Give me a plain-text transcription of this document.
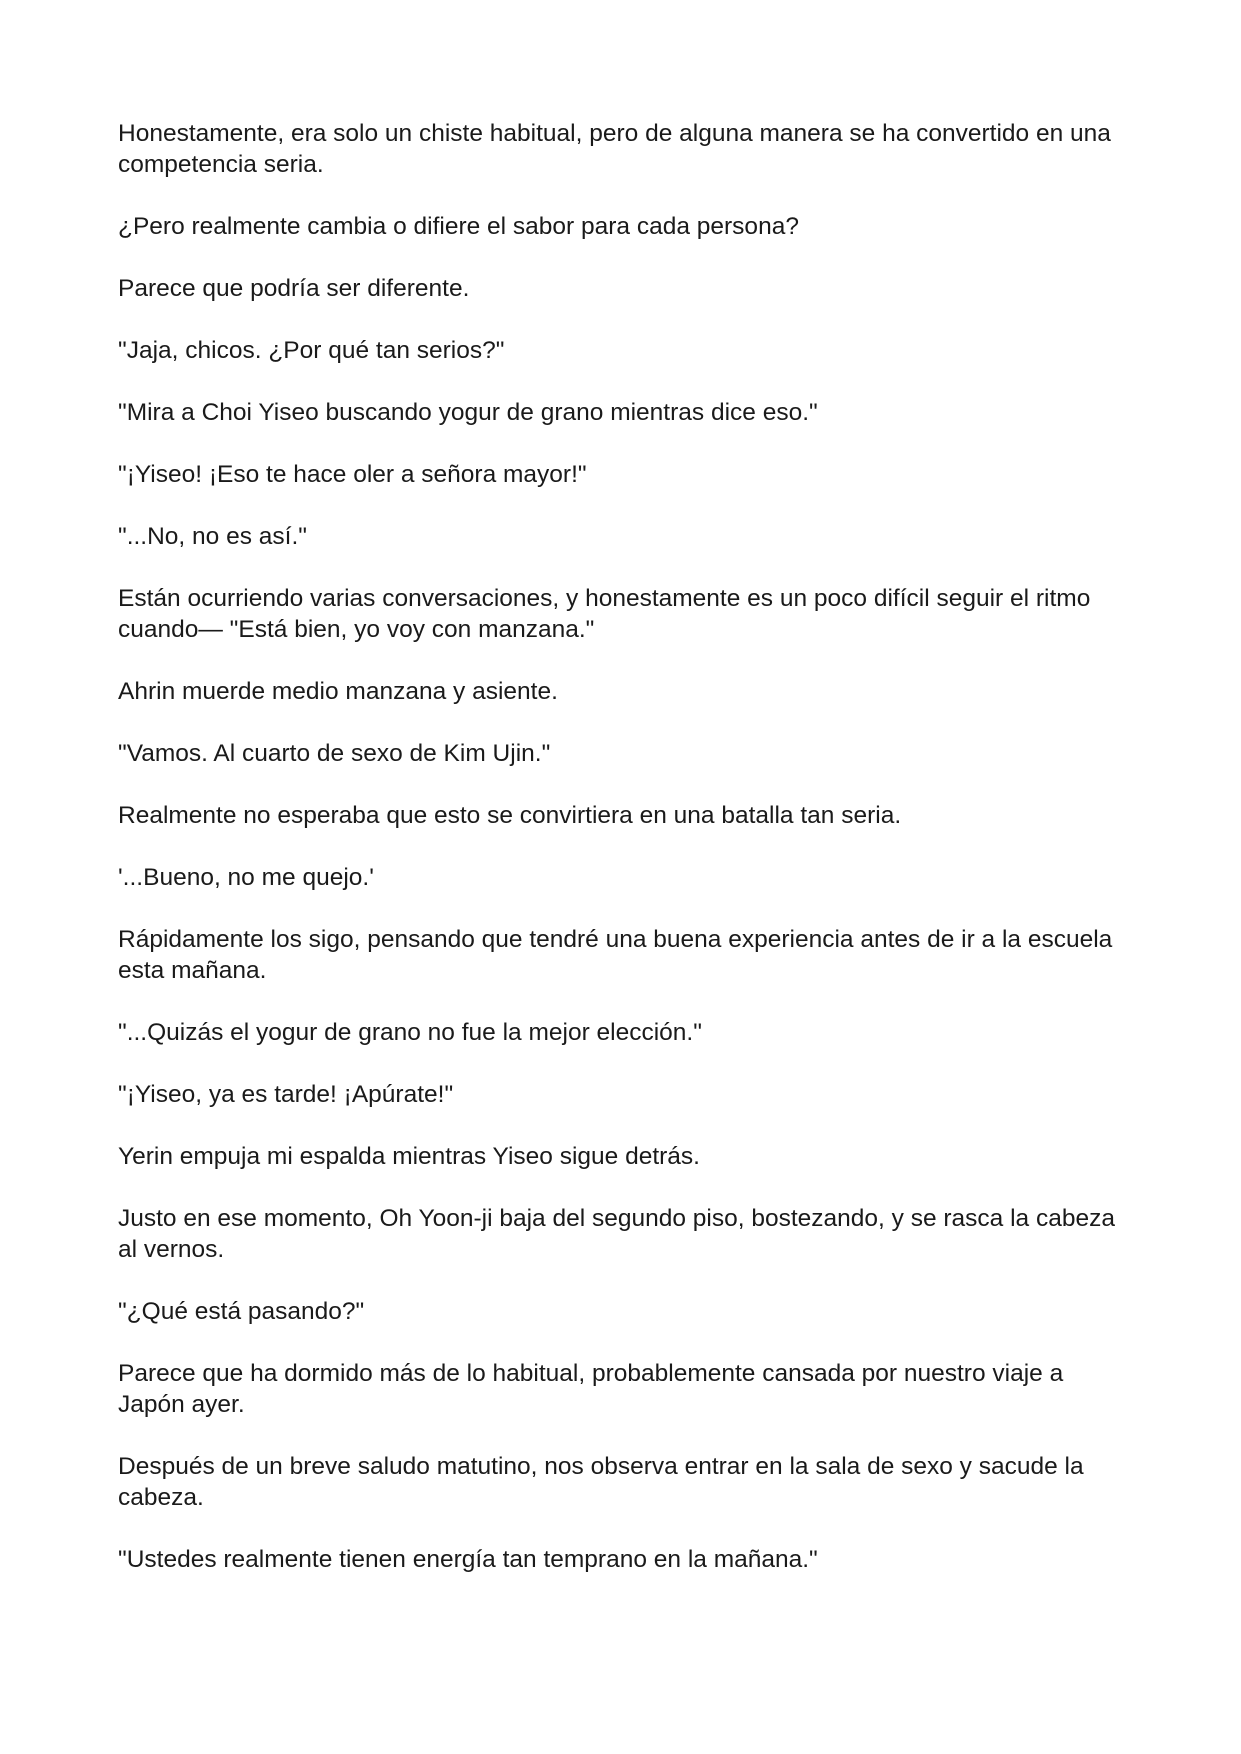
Honestamente, era solo un chiste habitual, pero de alguna manera se ha convertido en una competencia seria.

¿Pero realmente cambia o difiere el sabor para cada persona?

Parece que podría ser diferente.

"Jaja, chicos. ¿Por qué tan serios?"

"Mira a Choi Yiseo buscando yogur de grano mientras dice eso."

"¡Yiseo! ¡Eso te hace oler a señora mayor!"

"...No, no es así."

Están ocurriendo varias conversaciones, y honestamente es un poco difícil seguir el ritmo cuando— "Está bien, yo voy con manzana."

Ahrin muerde medio manzana y asiente.

"Vamos. Al cuarto de sexo de Kim Ujin."

Realmente no esperaba que esto se convirtiera en una batalla tan seria.

'...Bueno, no me quejo.'

Rápidamente los sigo, pensando que tendré una buena experiencia antes de ir a la escuela esta mañana.

"...Quizás el yogur de grano no fue la mejor elección."

"¡Yiseo, ya es tarde! ¡Apúrate!"

Yerin empuja mi espalda mientras Yiseo sigue detrás.

Justo en ese momento, Oh Yoon-ji baja del segundo piso, bostezando, y se rasca la cabeza al vernos.

"¿Qué está pasando?"

Parece que ha dormido más de lo habitual, probablemente cansada por nuestro viaje a Japón ayer.

Después de un breve saludo matutino, nos observa entrar en la sala de sexo y sacude la cabeza.

"Ustedes realmente tienen energía tan temprano en la mañana."
